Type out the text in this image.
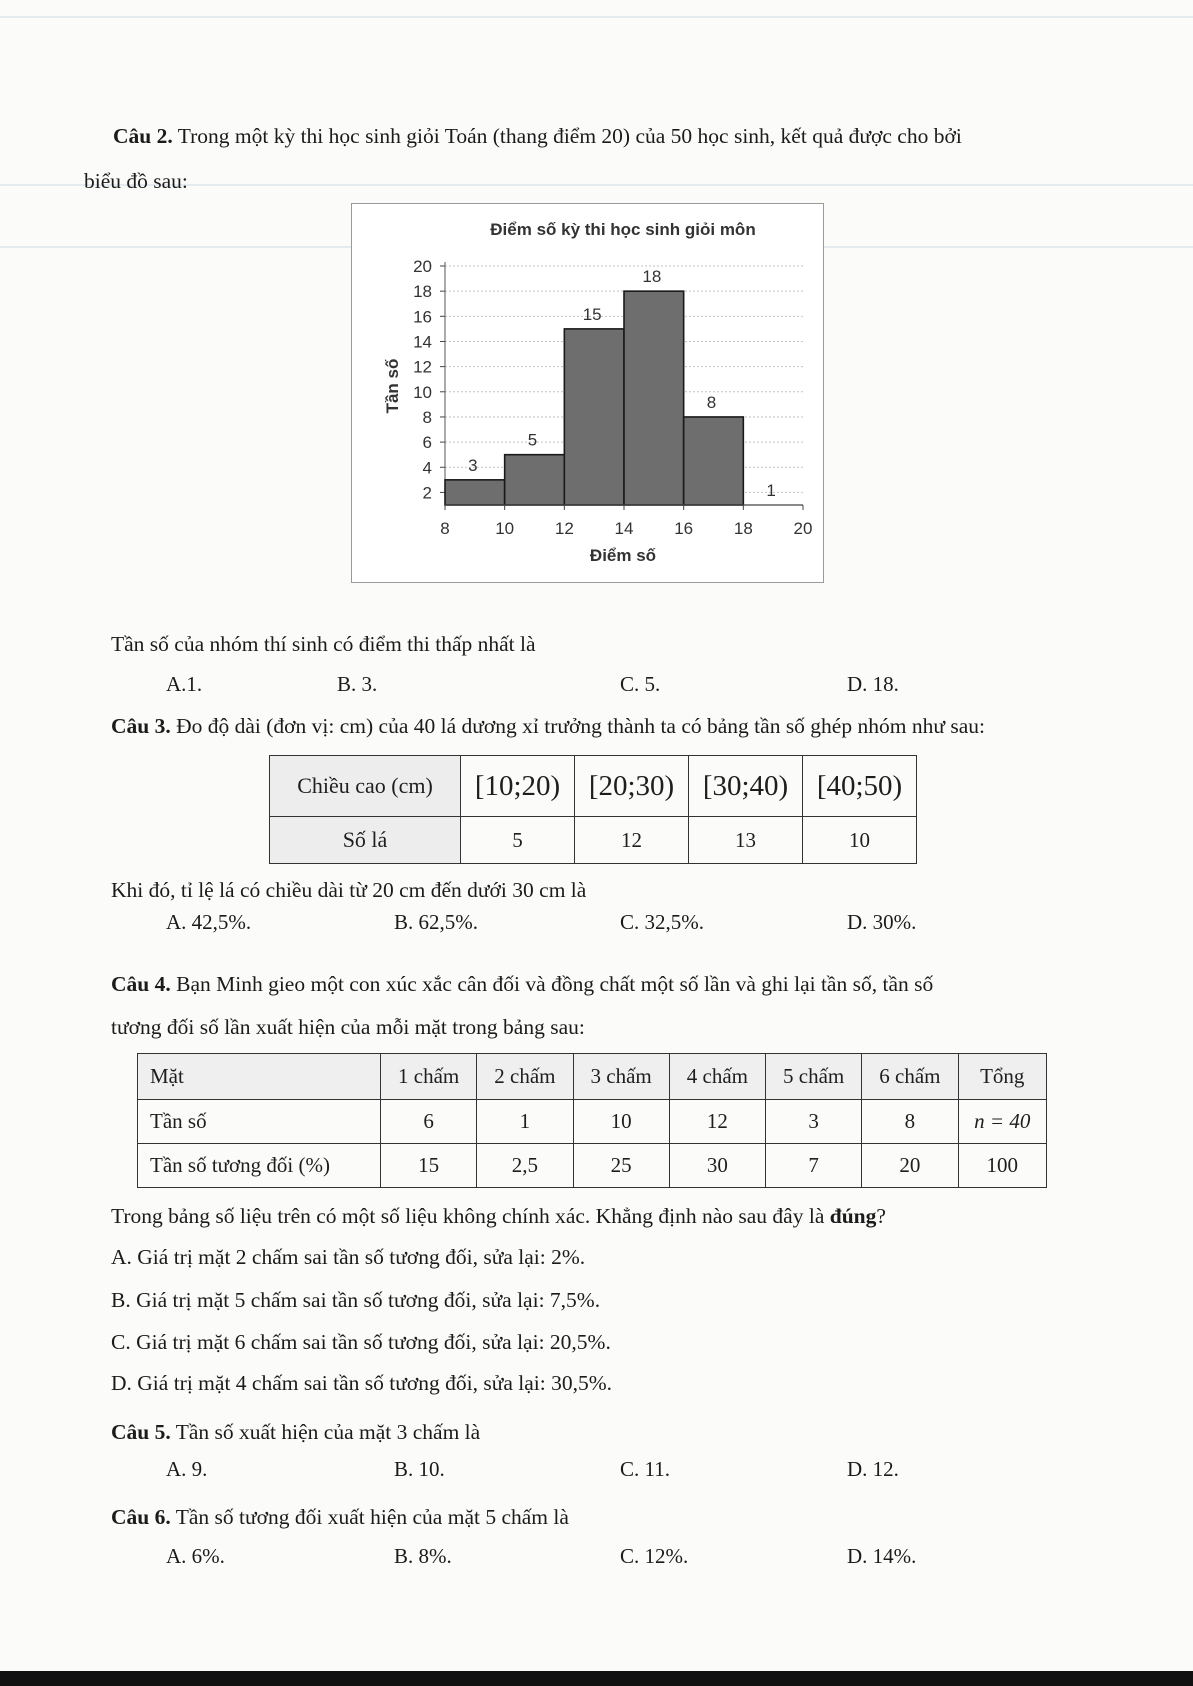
Câu 2. Trong một kỳ thi học sinh giỏi Toán (thang điểm 20) của 50 học sinh, kết quả được cho bởi
biểu đồ sau:
Điểm số kỳ thi học sinh giỏi môn
2
4
6
8
10
12
14
16
18
20
3
5
15
18
8
1
8	10 12 14 16 18 20
Điểm số
Tần số
Tần số của nhóm thí sinh có điểm thi thấp nhất là
A.1.	B. 3.	C. 5.	D. 18.
Câu 3. Đo độ dài (đơn vị: cm) của 40 lá dương xỉ trưởng thành ta có bảng tần số ghép nhóm như sau:
Chiều cao (cm)	[10;20)	[20;30)	[30;40)	[40;50)
Số lá	5	12	13	10
Khi đó, tỉ lệ lá có chiều dài từ 20 cm đến dưới 30 cm là
A. 42,5%.	B. 62,5%.	C. 32,5%.	D. 30%.
Câu 4. Bạn Minh gieo một con xúc xắc cân đối và đồng chất một số lần và ghi lại tần số, tần số
tương đối số lần xuất hiện của mỗi mặt trong bảng sau:
Mặt	1 chấm	2 chấm	3 chấm	4 chấm	5 chấm	6 chấm	Tổng
Tần số	6	1	10	12	3	8	n = 40
Tần số tương đối (%)	15	2,5	25	30	7	20	100
Trong bảng số liệu trên có một số liệu không chính xác. Khẳng định nào sau đây là đúng?
A. Giá trị mặt 2 chấm sai tần số tương đối, sửa lại: 2%.
B. Giá trị mặt 5 chấm sai tần số tương đối, sửa lại: 7,5%.
C. Giá trị mặt 6 chấm sai tần số tương đối, sửa lại: 20,5%.
D. Giá trị mặt 4 chấm sai tần số tương đối, sửa lại: 30,5%.
Câu 5. Tần số xuất hiện của mặt 3 chấm là
A. 9.	B. 10.	C. 11.	D. 12.
Câu 6. Tần số tương đối xuất hiện của mặt 5 chấm là
A. 6%.	B. 8%.	C. 12%.	D. 14%.
